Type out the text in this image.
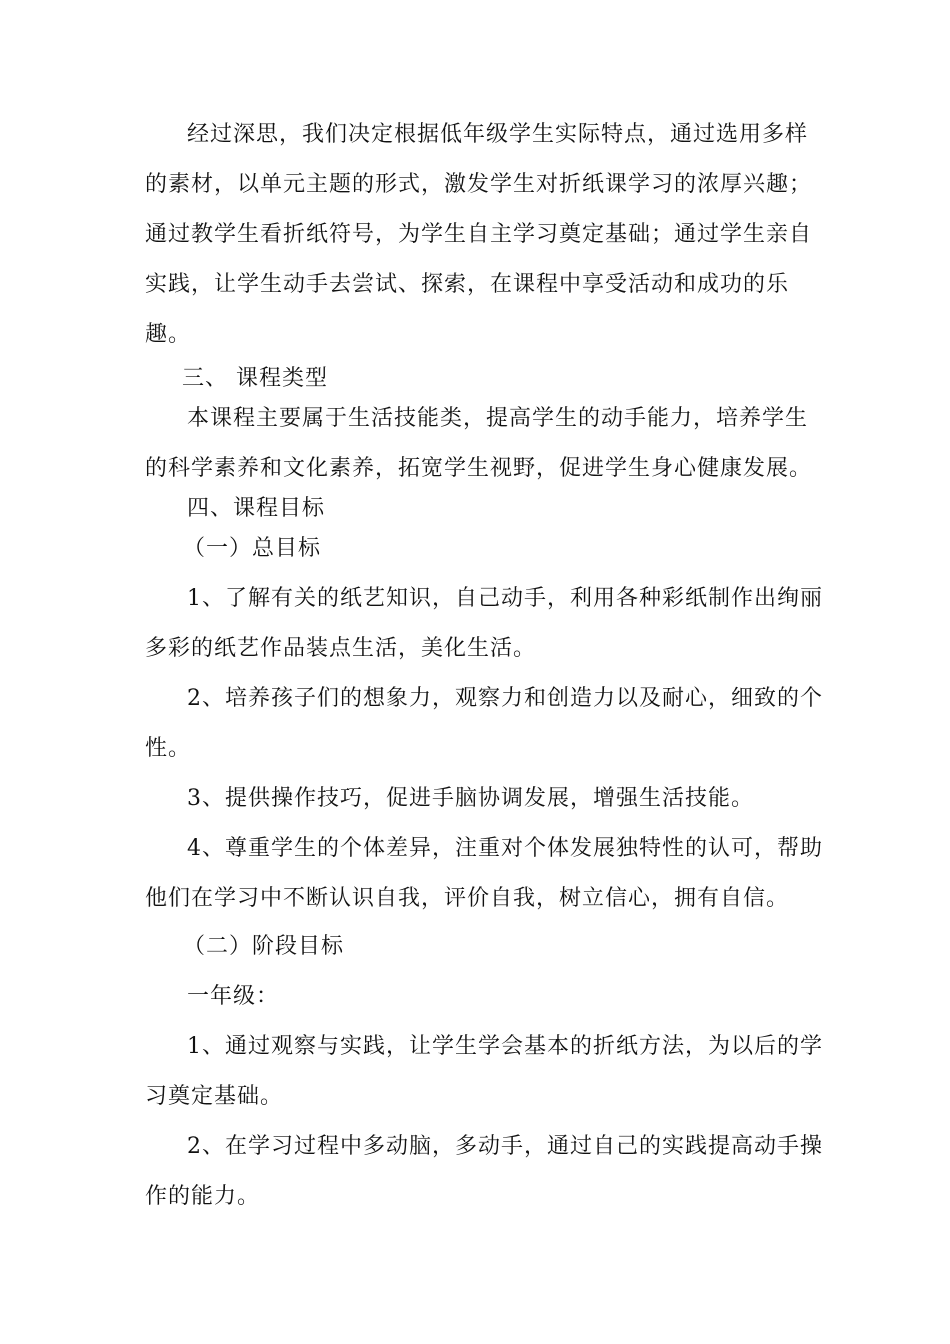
经过深思，我们决定根据低年级学生实际特点，通过选用多样
的素材，以单元主题的形式，激发学生对折纸课学习的浓厚兴趣；
通过教学生看折纸符号，为学生自主学习奠定基础；通过学生亲自
实践，让学生动手去尝试、探索，在课程中享受活动和成功的乐
趣。
三、 课程类型
本课程主要属于生活技能类，提高学生的动手能力，培养学生
的科学素养和文化素养，拓宽学生视野，促进学生身心健康发展。
四、课程目标
（一）总目标
1、了解有关的纸艺知识，自己动手，利用各种彩纸制作出绚丽
多彩的纸艺作品装点生活，美化生活。
2、培养孩子们的想象力，观察力和创造力以及耐心，细致的个
性。
3、提供操作技巧，促进手脑协调发展，增强生活技能。
4、尊重学生的个体差异，注重对个体发展独特性的认可，帮助
他们在学习中不断认识自我，评价自我，树立信心，拥有自信。
（二）阶段目标
一年级：
1、通过观察与实践，让学生学会基本的折纸方法，为以后的学
习奠定基础。
2、在学习过程中多动脑，多动手，通过自己的实践提高动手操
作的能力。
